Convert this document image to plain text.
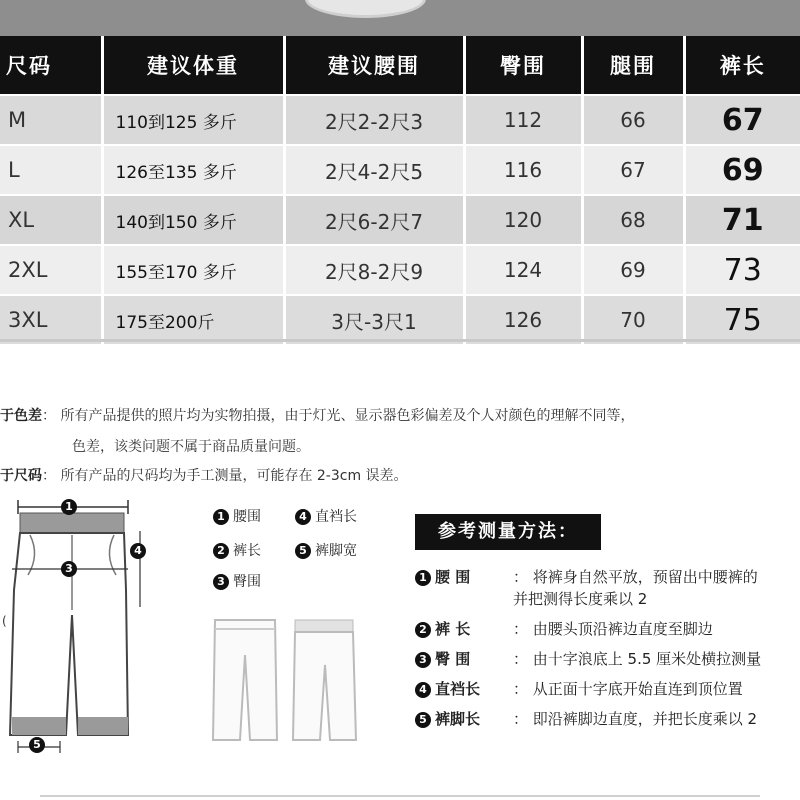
尺码	建议体重	建议腰围	臀围	腿围	裤长
M	110到125 多斤	2尺2-2尺3	112	66	67
L	126至135 多斤	2尺4-2尺5	116	67	69
XL	140到150 多斤	2尺6-2尺7	120	68	71
2XL	155至170 多斤	2尺8-2尺9	124	69	73
3XL	175至200斤	3尺-3尺1	126	70	75
于色差： 所有产品提供的照片均为实物拍摄，由于灯光、显示器色彩偏差及个人对颜色的理解不同等，
色差，该类问题不属于商品质量问题。
于尺码： 所有产品的尺码均为手工测量，可能存在 2-3cm 误差。
(
1
3
4
5
1 腰围	4 直裆长
2 裤长	5 裤脚宽
3 臀围
参考测量方法：
1 腰 围	： 将裤身自然平放，预留出中腰裤的
并把测得长度乘以 2
2 裤 长	： 由腰头顶沿裤边直度至脚边
3 臀 围	： 由十字浪底上 5.5 厘米处横拉测量
4 直裆长 ： 从正面十字底开始直连到顶位置
5 裤脚长 ： 即沿裤脚边直度，并把长度乘以 2
